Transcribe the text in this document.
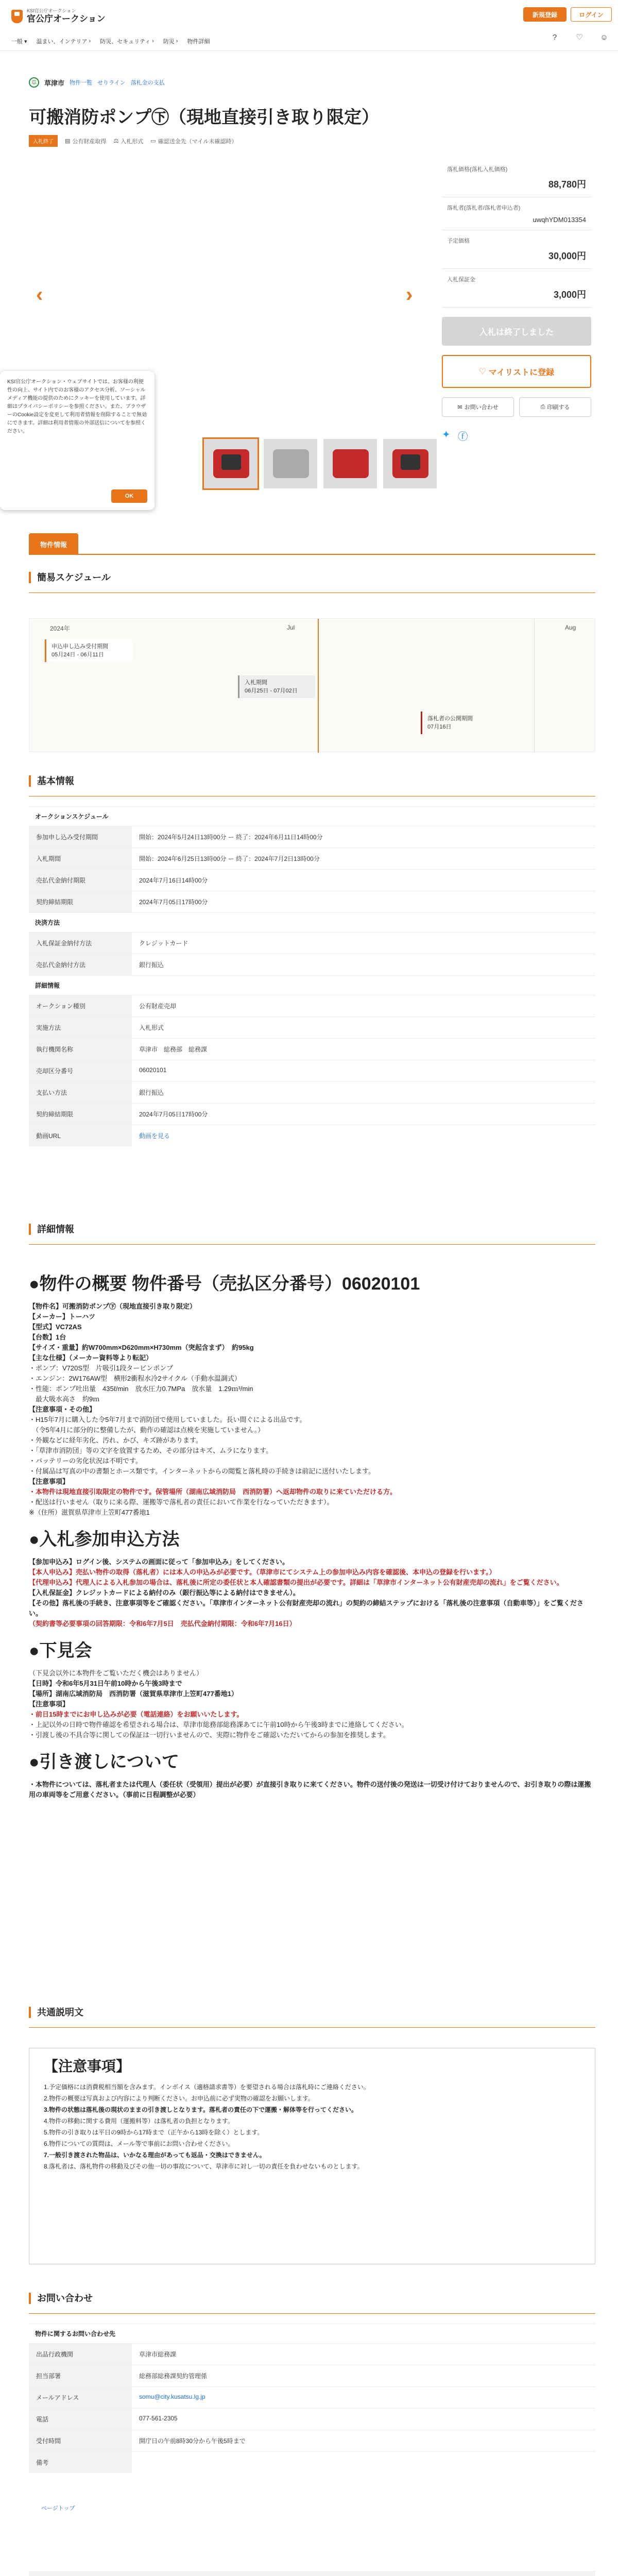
KSI官公庁オークション
官公庁オークション	新規登録	ログイン
一般 ▾ 温まい、インテリア › 防災、セキュリティ › 防災 › 物件詳細
?	♡	☺
草	草津市 物件一覧 せりライン 落札金の支払
可搬消防ポンプ㊦（現地直接引き取り限定）
入札終了	▤ 公有財産取得 ⚖ 入札形式 ▭ 確認送金先（マイル未確認時）
‹	›
KSI官公庁オークション・ウェブサイトでは、お客様の利便性の向上、サイト内でのお客様のアクセス分析、ソーシャルメディア機能の提供のためにクッキーを使用しています。詳細はプライバシーポリシーを参照ください。また、ブラウザーのCookie設定を変更して利用者情報を削除することで無効にできます。詳細は利用者情報の外部送信についてを参照ください。
OK
落札価格(落札入札価格)
88,780円
落札者(落札者/落札者申込者)
uwqhYDM013354
予定価格
30,000円
入札保証金
3,000円
入札は終了しました
♡ マイリストに登録
✉ お問い合わせ	⎙ 印刷する
✦ ⓕ
物件情報
簡易スケジュール
2024年	Jul	Aug
申込申し込み受付期間
05月24日 - 06月11日
入札期間
06月25日 - 07月02日
落札者の公開期間
07月16日
基本情報
オークションスケジュール
参加申し込み受付期間	開始：2024年5月24日13時00分 ー 終了：2024年6月11日14時00分
入札期間	開始：2024年6月25日13時00分 ー 終了：2024年7月2日13時00分
売払代金納付期限	2024年7月16日14時00分
契約締結期限	2024年7月05日17時00分
決済方法
入札保証金納付方法	クレジットカード
売払代金納付方法	銀行振込
詳細情報
オークション種別	公有財産売却
実施方法	入札形式
執行機関名称	草津市　総務部　総務課
売却区分番号	06020101
支払い方法	銀行振込
契約締結期限	2024年7月05日17時00分
動画URL	動画を見る
詳細情報
●物件の概要 物件番号（売払区分番号）06020101

【物件名】可搬消防ポンプ㊦（現地直接引き取り限定）

【メーカー】トーハツ

【型式】VC72AS

【台数】1台

【サイズ・重量】約W700mm×D620mm×H730mm（突起含まず）　約95kg

【主な仕様】（メーカー資料等より転記）

・ポンプ：V720S型　片吸引1段タービンポンプ

・エンジン：2W176AW型　横形2衝程水冷2サイクル（手動水温調式）

・性能：ポンプ吐出量　435ℓ/min　放水圧力0.7MPa　放水量　1.29ｍ³/min

　最大吸水高さ　約9ｍ

【注意事項・その他】

・H15年7月に購入した令5年7月まで消防団で使用していました。長い間ぐによる出品です。

　（令5年4月に部分的に整備したが、動作の確認は点検を実施していません。）

・外観などに経年劣化、汚れ、かび、キズ跡があります。

・「草津市消防団」等の文字を放置するため、その部分はキズ、ムラになります。

・バッテリーの劣化状況は不明です。

・付属品は写真の中の書類とホース類です。インターネットからの閲覧と落札時の手続きは前記に送付いたします。

【注意事項】

・本物件は現地直接引取限定の物件です。保管場所（湖南広域消防局　西消防署）へ返却物件の取りに来ていただける方。

・配送は行いません（取りに来る際、運搬等で落札者の責任において作業を行なっていただきます）。

※（住所）滋賀県草津市上笠町477番地1

●入札参加申込方法

【参加申込み】ログイン後、システムの画面に従って「参加申込み」をしてください。

【本人申込み】売払い物件の取得（落札者）には本人の申込みが必要です。（草津市にてシステム上の参加申込み内容を確認後、本申込の登録を行います。）

【代理申込み】代理人による入札参加の場合は、落札後に所定の委任状と本人確認書類の提出が必要です。詳細は「草津市インターネット公有財産売却の流れ」をご覧ください。

【入札保証金】クレジットカードによる納付のみ（銀行振込等による納付はできません）。

【その他】落札後の手続き、注意事項等をご確認ください。「草津市インターネット公有財産売却の流れ」の契約の締結ステップにおける「落札後の注意事項（自動車等）」をご覧ください。

（契約書等必要事項の回答期限：令和6年7月5日　売払代金納付期限：令和6年7月16日）

●下見会

（下見会以外に本物件をご覧いただく機会はありません）

【日時】令和6年5月31日午前10時から午後3時まで

【場所】湖南広域消防局　西消防署（滋賀県草津市上笠町477番地1）

【注意事項】

・前日15時までにお申し込みが必要（電話連絡）をお願いいたします。

・上記以外の日時で物件確認を希望される場合は、草津市総務部総務課あてに午前10時から午後3時までに連絡してください。

・引渡し後の不具合等に関しての保証は一切行いませんので、実際に物件をご確認いただいてからの参加を推奨します。

●引き渡しについて

・本物件については、落札者または代理人（委任状（受領用）提出が必要）が直接引き取りに来てください。物件の送付後の発送は一切受け付けておりませんので、お引き取りの際は運搬用の車両等をご用意ください。（事前に日程調整が必要）

共通説明文
【注意事項】

1.予定価格には消費税相当額を含みます。インボイス（適格請求書等）を要望される場合は落札時にご連絡ください。

2.物件の概要は写真および内容により判断ください。お申込前に必ず実物の確認をお願いします。

3.物件の状態は落札後の現状のままの引き渡しとなります。落札者の責任の下で運搬・解体等を行ってください。

4.物件の移動に関する費用（運搬料等）は落札者の負担となります。

5.物件の引き取りは平日の9時から17時まで（正午から13時を除く）とします。

6.物件についての質問は、メール等で事前にお問い合わせください。

7.一般引き渡された物品は、いかなる理由があっても返品・交換はできません。

8.落札者は、落札物件の移動及びその他一切の事故について、草津市に対し一切の責任を負わせないものとします。

お問い合わせ
物件に関するお問い合わせ先
出品行政機関	草津市総務課
担当部署	総務部総務課契約管理係
メールアドレス	somu@city.kusatsu.lg.jp
電話	077-561-2305
受付時間	開庁日の午前8時30分から午後5時まで
備考
ページトップ
